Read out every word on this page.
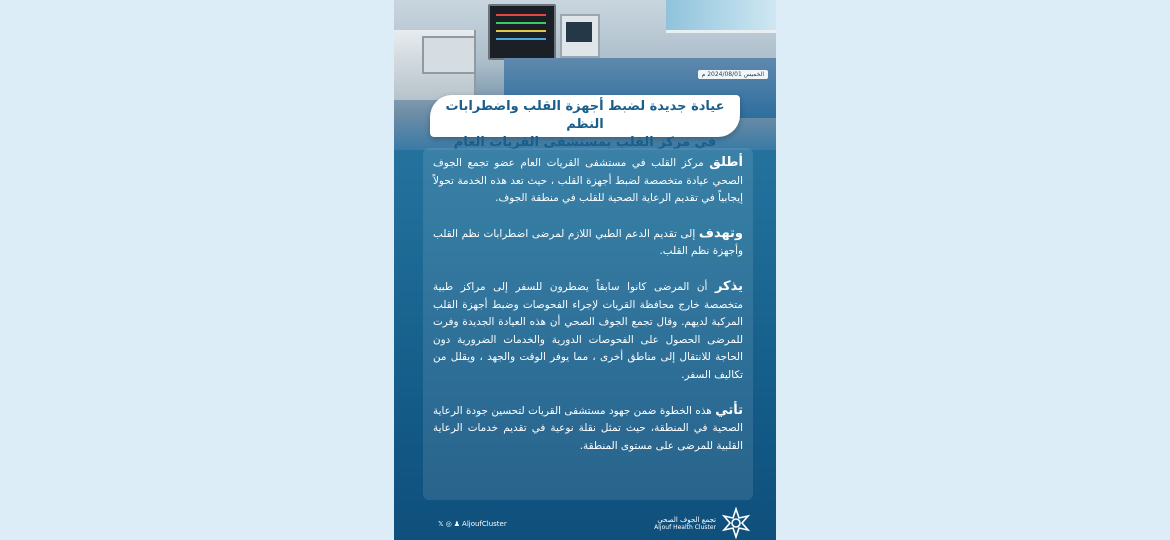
الخميس 2024/08/01 م
عيادة جديدة لضبط أجهزة القلب واضطرابات النظم
في مركز القلب بمستشفى القريات العام

أطلق مركز القلب في مستشفى القريات العام عضو تجمع الجوف الصحي عيادة متخصصة لضبط أجهزة القلب ، حيث تعد هذه الخدمة تحولاً إيجابياً في تقديم الرعاية الصحية للقلب في منطقة الجوف.

وتهدف إلى تقديم الدعم الطبي اللازم لمرضى اضطرابات نظم القلب وأجهزة نظم القلب.

يذكر أن المرضى كانوا سابقاً يضطرون للسفر إلى مراكز طبية متخصصة خارج محافظة القريات لإجراء الفحوصات وضبط أجهزة القلب المركبة لديهم. وقال تجمع الجوف الصحي أن هذه العيادة الجديدة وفرت للمرضى الحصول على الفحوصات الدورية والخدمات الضرورية دون الحاجة للانتقال إلى مناطق أخرى ، مما يوفر الوقت والجهد ، ويقلل من تكاليف السفر.

تأتي هذه الخطوة ضمن جهود مستشفى القريات لتحسين جودة الرعاية الصحية في المنطقة، حيث تمثل نقلة نوعية في تقديم خدمات الرعاية القلبية للمرضى على مستوى المنطقة.

𝕏 ◎ ♟ AljoufCluster
تجمع الجوف الصحي
Aljouf Health Cluster
